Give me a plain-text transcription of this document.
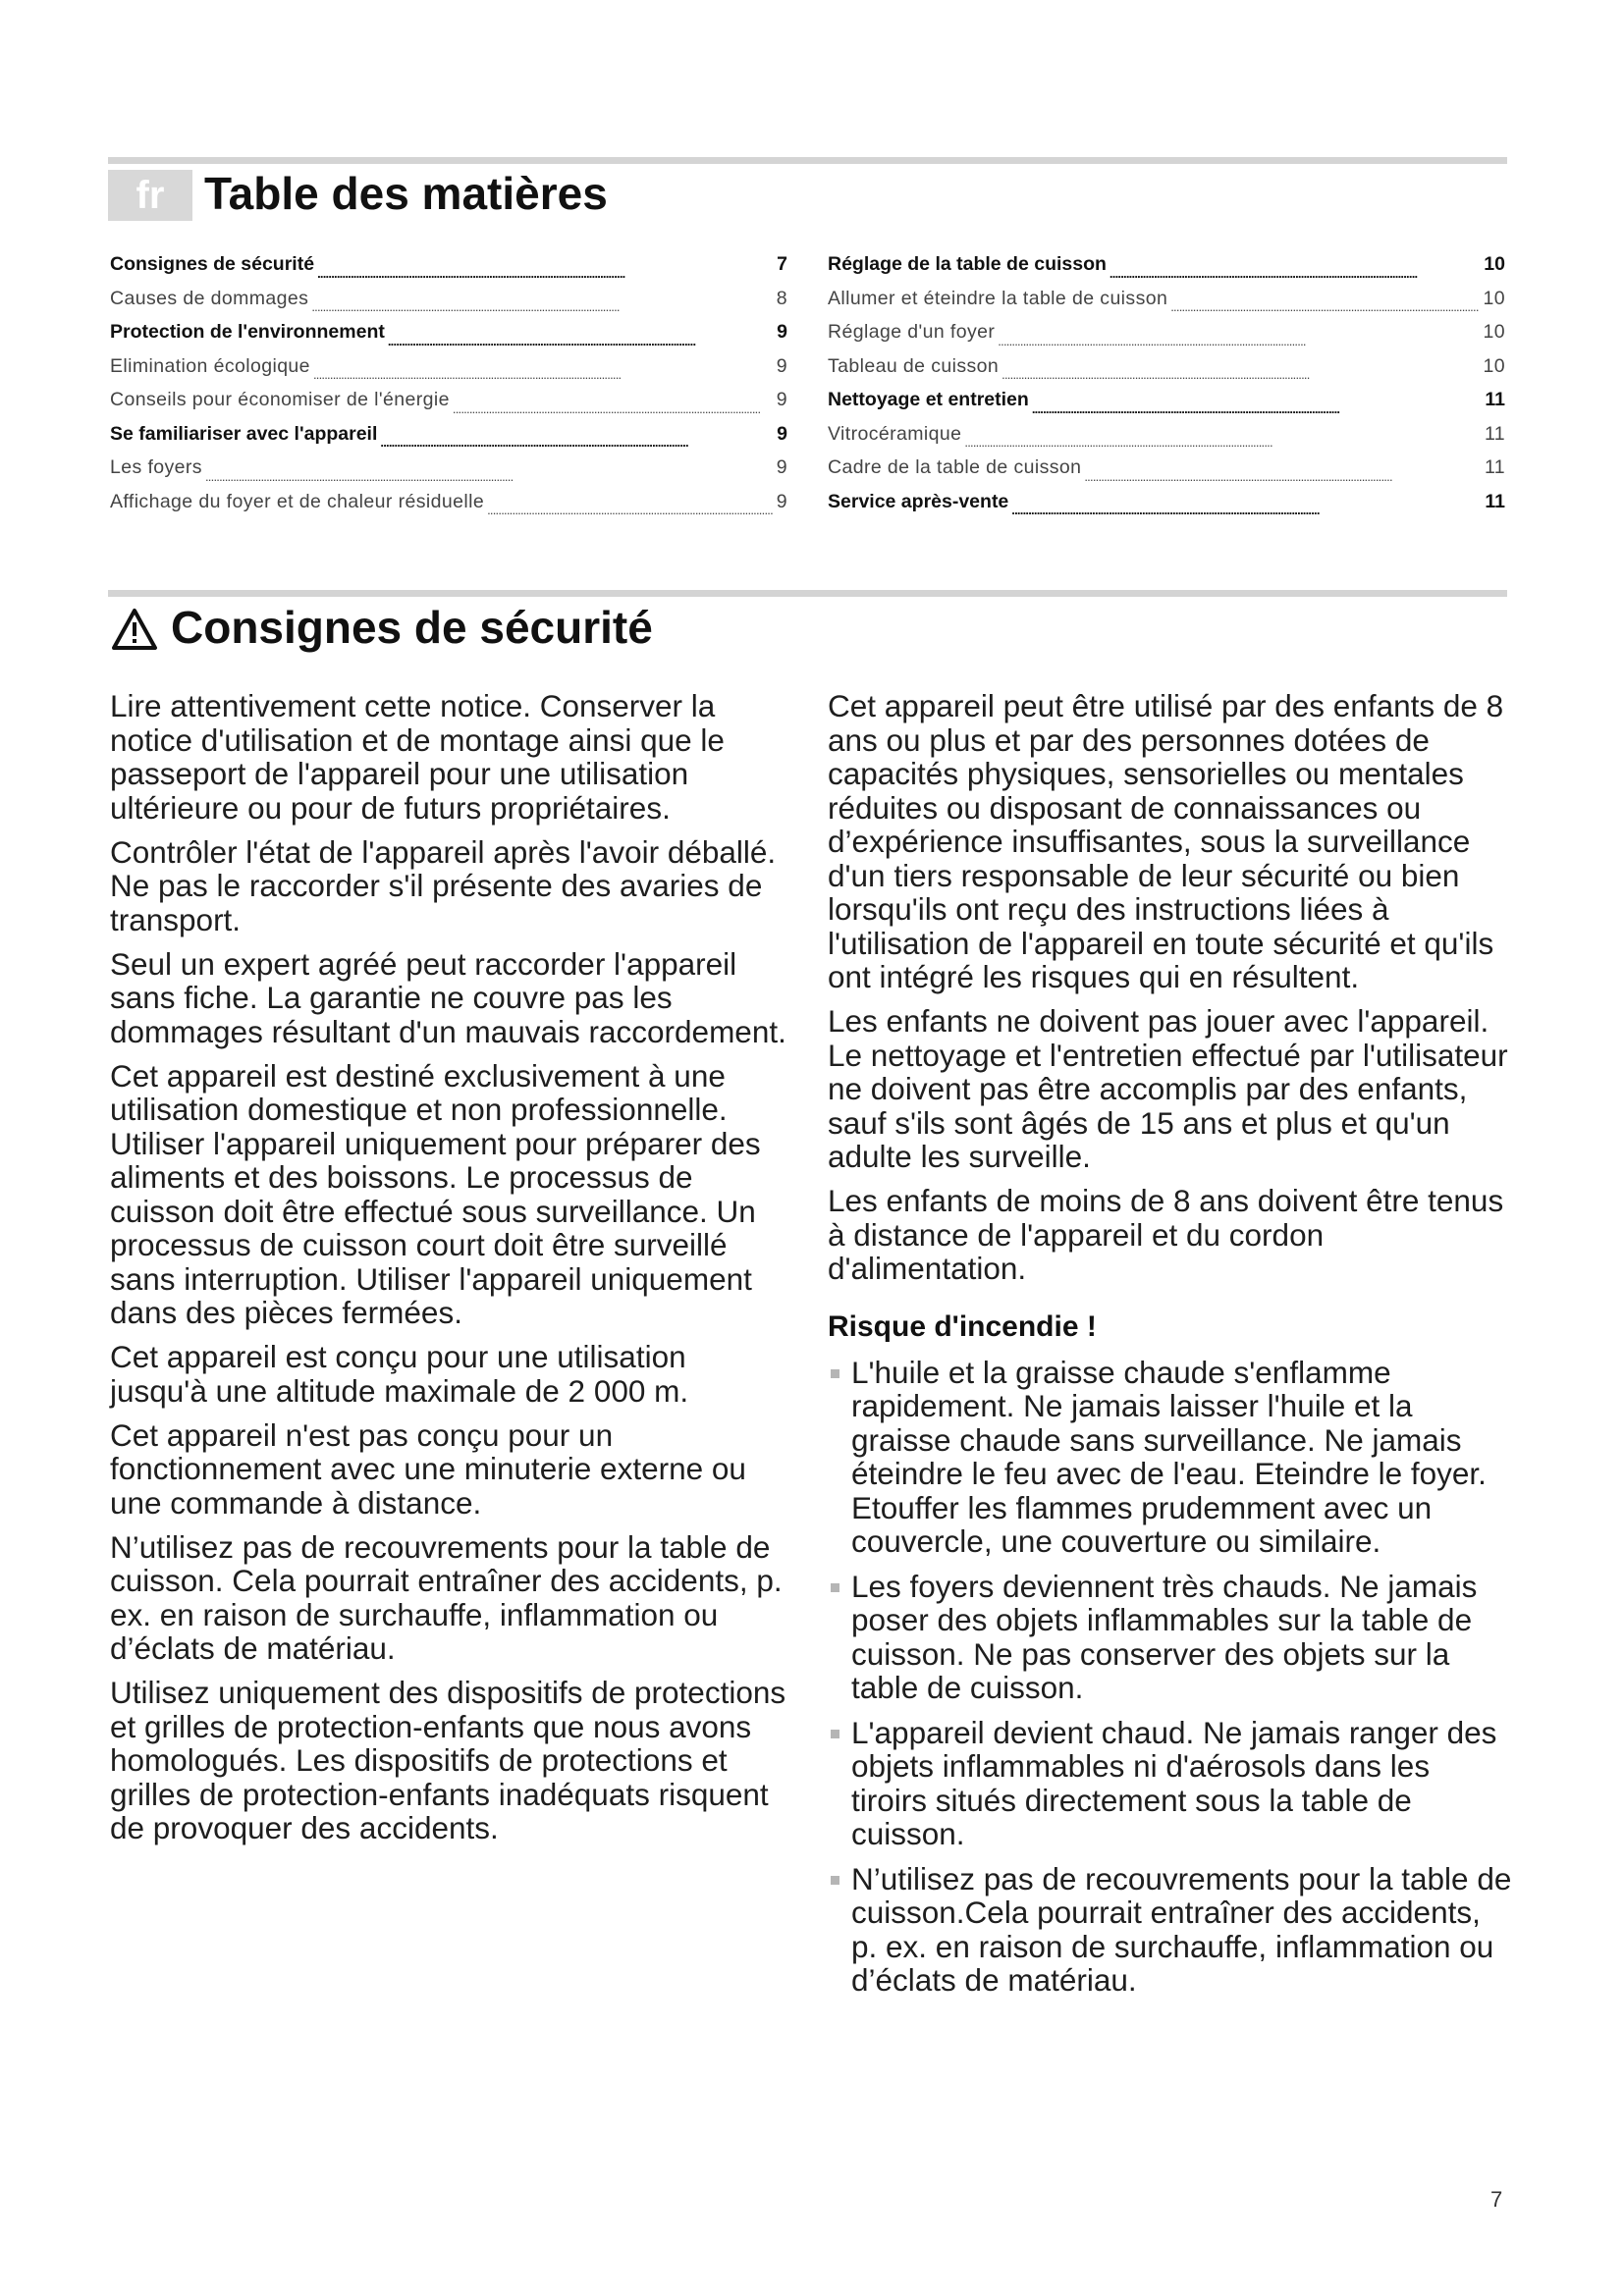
fr Table des matières
Consignes de sécurité . . .	7
Causes de dommages . . .	8
Protection de l'environnement . . .	9
Elimination écologique . . .	9
Conseils pour économiser de l'énergie . . .	9
Se familiariser avec l'appareil . . .	9
Les foyers . . .	9
Affichage du foyer et de chaleur résiduelle . . .	9
Réglage de la table de cuisson . . .	10
Allumer et éteindre la table de cuisson . . .	10
Réglage d'un foyer . . .	10
Tableau de cuisson . . .	10
Nettoyage et entretien . . .	11
Vitrocéramique . . .	11
Cadre de la table de cuisson . . .	11
Service après-vente . . .	11
Consignes de sécurité

Lire attentivement cette notice. Conserver la notice d'utilisation et de montage ainsi que le passeport de l'appareil pour une utilisation ultérieure ou pour de futurs propriétaires.

Contrôler l'état de l'appareil après l'avoir déballé. Ne pas le raccorder s'il présente des avaries de transport.

Seul un expert agréé peut raccorder l'appareil sans fiche. La garantie ne couvre pas les dommages résultant d'un mauvais raccordement.

Cet appareil est destiné exclusivement à une utilisation domestique et non professionnelle. Utiliser l'appareil uniquement pour préparer des aliments et des boissons. Le processus de cuisson doit être effectué sous surveillance. Un processus de cuisson court doit être surveillé sans interruption. Utiliser l'appareil uniquement dans des pièces fermées.

Cet appareil est conçu pour une utilisation jusqu'à une altitude maximale de 2 000 m.

Cet appareil n'est pas conçu pour un fonctionnement avec une minuterie externe ou une commande à distance.

N’utilisez pas de recouvrements pour la table de cuisson. Cela pourrait entraîner des accidents, p. ex. en raison de surchauffe, inflammation ou d’éclats de matériau.

Utilisez uniquement des dispositifs de protections et grilles de protection-enfants que nous avons homologués. Les dispositifs de protections et grilles de protection-enfants inadéquats risquent de provoquer des accidents.

Cet appareil peut être utilisé par des enfants de 8 ans ou plus et par des personnes dotées de capacités physiques, sensorielles ou mentales réduites ou disposant de connaissances ou d’expérience insuffisantes, sous la surveillance d'un tiers responsable de leur sécurité ou bien lorsqu'ils ont reçu des instructions liées à l'utilisation de l'appareil en toute sécurité et qu'ils ont intégré les risques qui en résultent.

Les enfants ne doivent pas jouer avec l'appareil. Le nettoyage et l'entretien effectué par l'utilisateur ne doivent pas être accomplis par des enfants, sauf s'ils sont âgés de 15 ans et plus et qu'un adulte les surveille.

Les enfants de moins de 8 ans doivent être tenus à distance de l'appareil et du cordon d'alimentation.

Risque d'incendie !
L'huile et la graisse chaude s'enflamme rapidement. Ne jamais laisser l'huile et la graisse chaude sans surveillance. Ne jamais éteindre le feu avec de l'eau. Eteindre le foyer. Etouffer les flammes prudemment avec un couvercle, une couverture ou similaire.
Les foyers deviennent très chauds. Ne jamais poser des objets inflammables sur la table de cuisson. Ne pas conserver des objets sur la table de cuisson.
L'appareil devient chaud. Ne jamais ranger des objets inflammables ni d'aérosols dans les tiroirs situés directement sous la table de cuisson.
N’utilisez pas de recouvrements pour la table de cuisson.Cela pourrait entraîner des accidents, p. ex. en raison de surchauffe, inflammation ou d’éclats de matériau.
7
